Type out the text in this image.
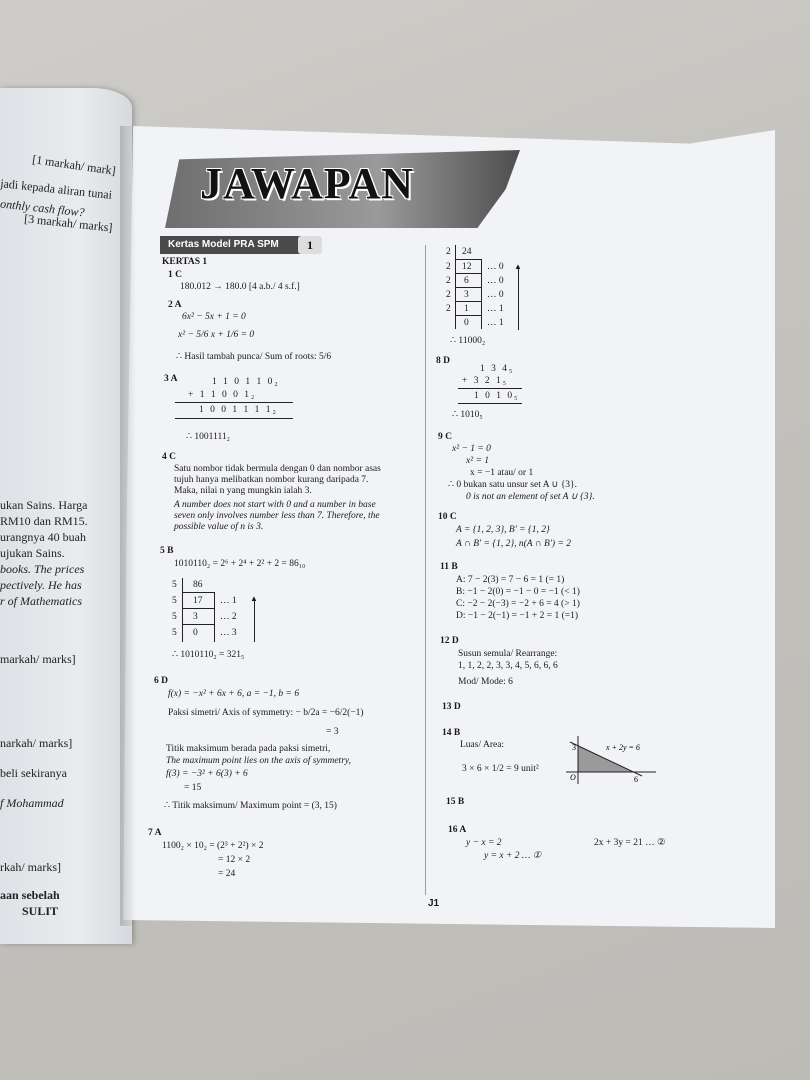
[1 markah/ mark]
jadi kepada aliran tunai
onthly cash flow?
[3 markah/ marks]
ukan Sains. Harga
RM10 dan RM15.
urangnya 40 buah
ujukan Sains.
books. The prices
pectively. He has
r of Mathematics
markah/ marks]
narkah/ marks]
beli sekiranya
f Mohammad
rkah/ marks]
aan sebelah
SULIT
JAWAPAN
Kertas Model PRA SPM	1
KERTAS 1
1 C
180.012 → 180.0 [4 a.b./ 4 s.f.]
2 A
6x² − 5x + 1 = 0
x² − 5/6 x + 1/6 = 0
∴ Hasil tambah punca/ Sum of roots: 5/6
3 A	1 1 0 1 1 0₂
+ 1 1 0 0 1₂
1 0 0 1 1 1 1₂
∴ 1001111₂
4 C
Satu nombor tidak bermula dengan 0 dan nombor asas
tujuh hanya melibatkan nombor kurang daripada 7.
Maka, nilai n yang mungkin ialah 3.
A number does not start with 0 and a number in base
seven only involves number less than 7. Therefore, the
possible value of n is 3.
5 B
1010110₂ = 2⁶ + 2⁴ + 2² + 2 = 86₁₀
5 86
5 17 … 1
5 3 … 2
5 0 … 3
▲
∴ 1010110₂ = 321₅
6 D
f(x) = −x² + 6x + 6, a = −1, b = 6
Paksi simetri/ Axis of symmetry: − b/2a = −6/2(−1)
= 3
Titik maksimum berada pada paksi simetri,
The maximum point lies on the axis of symmetry,
f(3) = −3² + 6(3) + 6
= 15
∴ Titik maksimum/ Maximum point = (3, 15)
7 A
1100₂ × 10₂ = (2³ + 2²) × 2
= 12 × 2
= 24
2 24
2 12 … 0
2 6 … 0
2 3 … 0
2 1 … 1
0 … 1
▲
∴ 11000₂
8 D
1 3 4₅
+ 3 2 1₅
1 0 1 0₅
∴ 1010₅
9 C
x² − 1 = 0
x² = 1
x = −1 atau/ or 1
∴ 0 bukan satu unsur set A ∪ {3}.
0 is not an element of set A ∪ {3}.
10 C
A = {1, 2, 3}, B′ = {1, 2}
A ∩ B′ = {1, 2}, n(A ∩ B′) = 2
11 B
A: 7 − 2(3) = 7 − 6 = 1 (= 1)
B: −1 − 2(0) = −1 − 0 = −1 (< 1)
C: −2 − 2(−3) = −2 + 6 = 4 (> 1)
D: −1 − 2(−1) = −1 + 2 = 1 (=1)
12 D
Susun semula/ Rearrange:
1, 1, 2, 2, 3, 3, 4, 5, 6, 6, 6
Mod/ Mode: 6
13 D
14 B
Luas/ Area:
3 × 6 × 1/2 = 9 unit²
3
6
O
x + 2y = 6
15 B
16 A
y − x = 2
y = x + 2 … ①
2x + 3y = 21 … ②
J1
